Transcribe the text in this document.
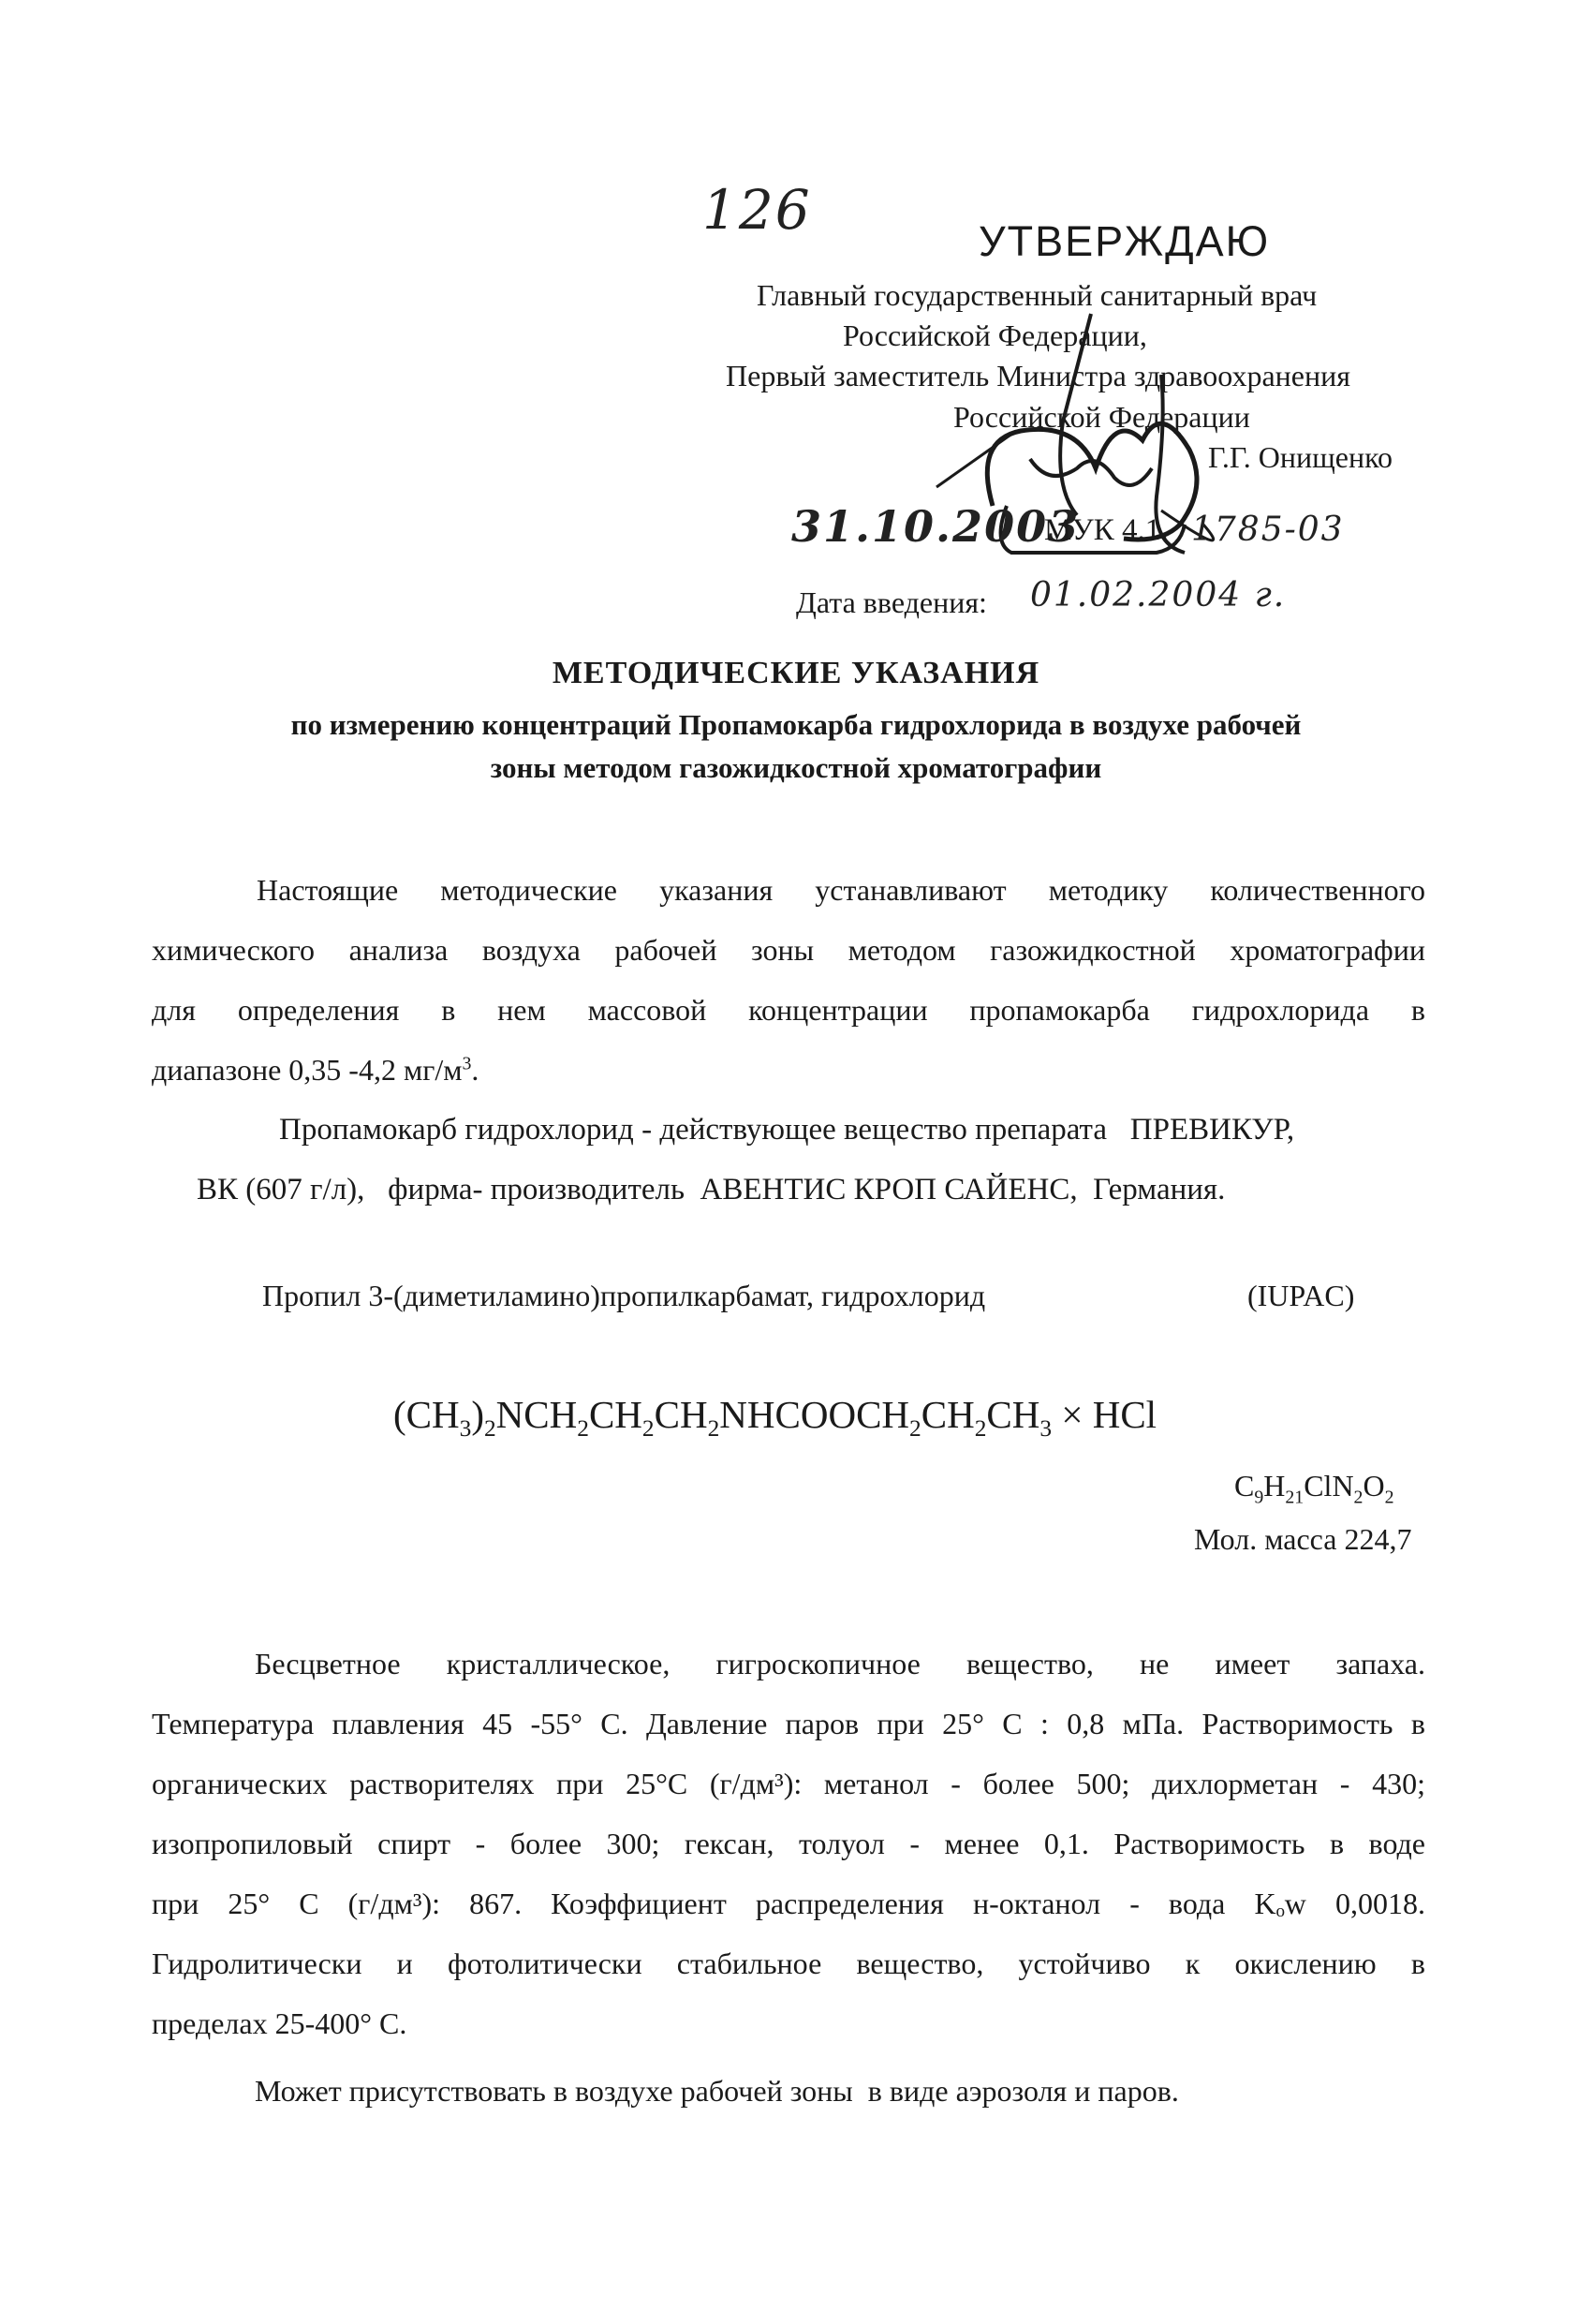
126	УТВЕРЖДАЮ
Главный государственный санитарный врач
Российской Федерации,
Первый заместитель Министра здравоохранения
Российской Федерации
Г.Г. Онищенко
31.10.2003
МУК 4.1. 1785-03
Дата введения: 01.02.2004 г.
МЕТОДИЧЕСКИЕ УКАЗАНИЯ
по измерению концентраций Пропамокарба гидрохлорида в воздухе рабочей
зоны методом газожидкостной хроматографии
Настоящие методические указания устанавливают методику количественного
химического анализа воздуха рабочей зоны методом газожидкостной хроматографии
для определения в нем массовой концентрации пропамокарба гидрохлорида в
диапазоне 0,35 -4,2 $мг/м^3$.
Пропамокарб гидрохлорид - действующее вещество препарата   ПРЕВИКУР,
ВК (607 г/л),   фирма- производитель  АВЕНТИС КРОП САЙЕНС,  Германия.
Пропил 3-(диметиламино)пропилкарбамат, гидрохлорид	(IUPAC)
$(CH_3)_2NCH_2CH_2CH_2NHCOOCH_2CH_2CH_3$ × HCl
$C_9H_{21}ClN_2O_2$
Мол. масса 224,7
Бесцветное кристаллическое, гигроскопичное вещество, не имеет запаха.
Температура плавления 45 -55° С. Давление паров при 25° С : 0,8 мПа. Растворимость в
органических растворителях при 25°С (г/дм³): метанол - более 500; дихлорметан - 430;
изопропиловый спирт - более 300; гексан, толуол - менее 0,1. Растворимость в воде
при 25° С (г/дм³): 867. Коэффициент распределения н-октанол - вода Kₒw 0,0018.
Гидролитически и фотолитически стабильное вещество, устойчиво к окислению в
пределах 25-400° С.
Может присутствовать в воздухе рабочей зоны  в виде аэрозоля и паров.
